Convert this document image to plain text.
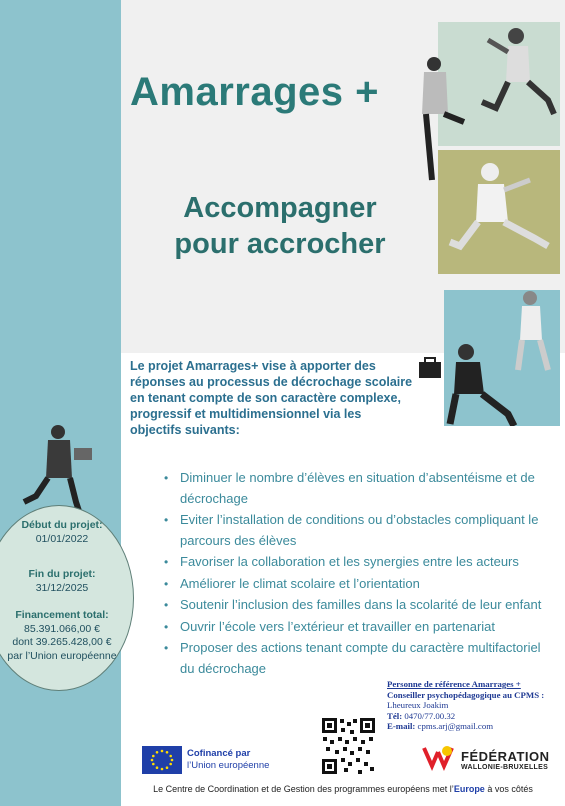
Amarrages +
Accompagner
pour accrocher
Le projet Amarrages+ vise à apporter des réponses au processus de décrochage scolaire en tenant compte de son caractère complexe, progressif et multidimensionnel via les objectifs suivants:
• Diminuer le nombre d’élèves en situation d’absentéisme et de décrochage
• Eviter l’installation de conditions ou d’obstacles compliquant le parcours des élèves
• Favoriser la collaboration et les synergies entre les acteurs
• Améliorer le climat scolaire et l’orientation
• Soutenir l’inclusion des familles dans la scolarité de leur enfant
• Ouvrir l’école vers l’extérieur et travailler en partenariat
• Proposer des actions tenant compte du caractère multifactoriel du décrochage
Début du projet:
01/01/2022
Fin du projet:
31/12/2025
Financement total:
85.391.066,00 €
dont 39.265.428,00 €
par l’Union européenne
Personne de référence Amarrages +
Conseiller psychopédagogique au CPMS :
Lheureux Joakim
Tél: 0470/77.00.32
E-mail: cpms.arj@gmail.com
Cofinancé par
l’Union européenne
FÉDÉRATION
WALLONIE-BRUXELLES
Le Centre de Coordination et de Gestion des programmes européens met l’Europe à vos côtés
